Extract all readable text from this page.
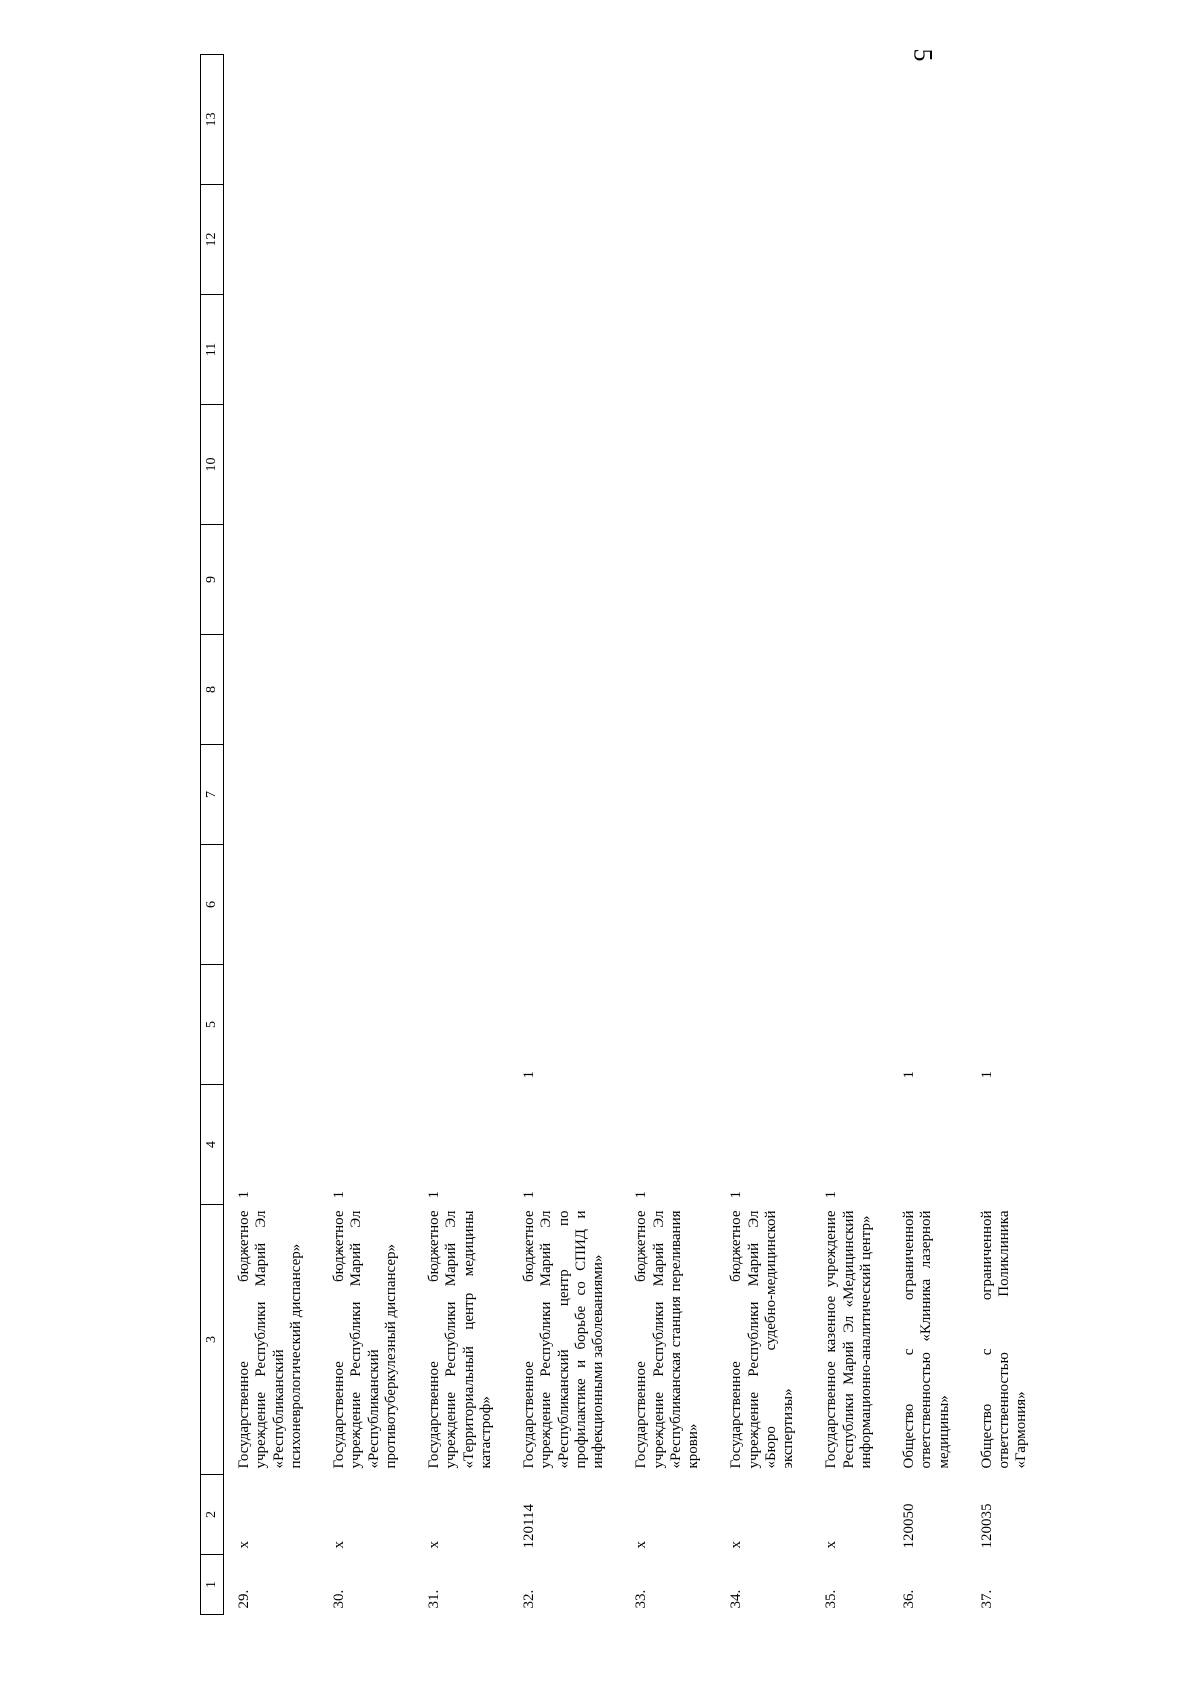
5
1	2	3	4	5	6	7	8	9	10	11	12	13
29.	x	Государственное бюджетное учреждение Республики Марий Эл «Республиканский психоневрологический диспансер»	1									
30.	x	Государственное бюджетное учреждение Республики Марий Эл «Республиканский противотуберкулезный диспансер»	1									
31.	x	Государственное бюджетное учреждение Республики Марий Эл «Территориальный центр медицины катастроф»	1									
32.	120114	Государственное бюджетное учреждение Республики Марий Эл «Республиканский центр по профилактике и борьбе со СПИД и инфекционными заболеваниями»	1	1								
33.	x	Государственное бюджетное учреждение Республики Марий Эл «Республиканская станция переливания крови»	1									
34.	x	Государственное бюджетное учреждение Республики Марий Эл «Бюро судебно-медицинской экспертизы»	1									
35.	x	Государственное казенное учреждение Республики Марий Эл «Медицинский информационно-аналитический центр»	1									
36.	120050	Общество с ограниченной ответственностью «Клиника лазерной медицины»		1								
37.	120035	Общество с ограниченной ответственностью Поликлиника «Гармония»		1								
